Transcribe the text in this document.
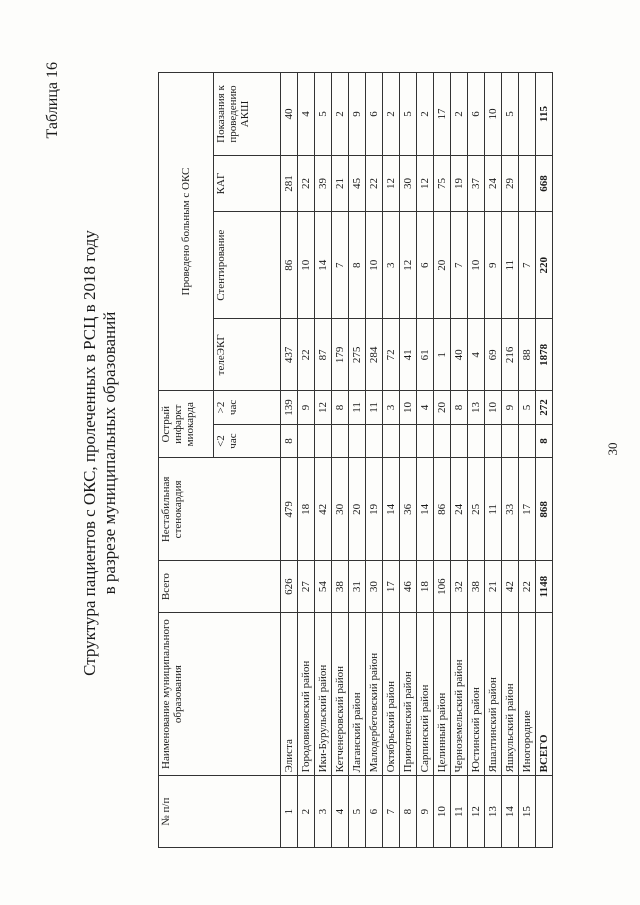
Таблица 16
Структура пациентов с ОКС, пролеченных в РСЦ в 2018 году в разрезе муниципальных образований
№ п/п	Наименование муниципального образования	Всего	Нестабильная стенокардия	Острый инфаркт миокарда		Проведено больным с ОКС			
				<2 час	>2 час	телеЭКГ	Стентирование	КАГ	Показания к проведению АКШ
1	Элиста	626	479	8	139	437	86	281	40
2	Городовиковский район	27	18		9	22	10	22	4
3	Ики-Бурульский район	54	42		12	87	14	39	5
4	Кетченеровский район	38	30		8	179	7	21	2
5	Лаганский район	31	20		11	275	8	45	9
6	Малодербетовский район	30	19		11	284	10	22	6
7	Октябрьский район	17	14		3	72	3	12	2
8	Приютненский район	46	36		10	41	12	30	5
9	Сарпинский район	18	14		4	61	6	12	2
10	Целинный район	106	86		20	1	20	75	17
11	Черноземельский район	32	24		8	40	7	19	2
12	Юстинский район	38	25		13	4	10	37	6
13	Яшалтинский район	21	11		10	69	9	24	10
14	Яшкульский район	42	33		9	216	11	29	5
15	Иногородние	22	17		5	88	7		
	ВСЕГО	1148	868	8	272	1878	220	668	115
30
